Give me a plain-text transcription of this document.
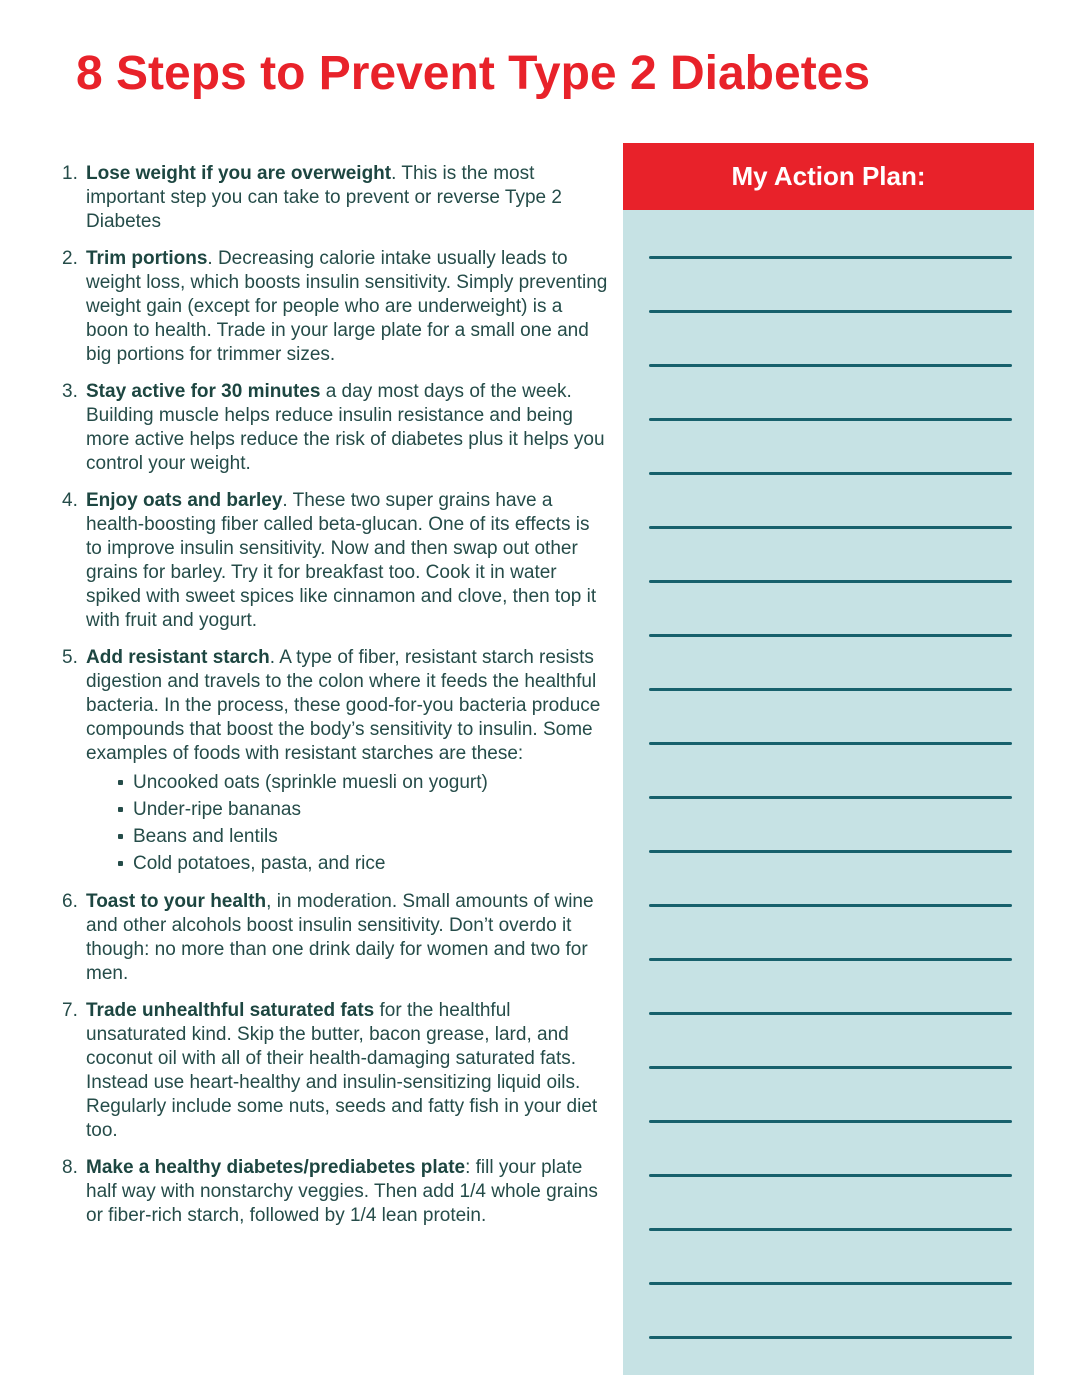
8 Steps to Prevent Type 2 Diabetes
1. Lose weight if you are overweight. This is the most important step you can take to prevent or reverse Type 2 Diabetes
2. Trim portions. Decreasing calorie intake usually leads to weight loss, which boosts insulin sensitivity. Simply preventing weight gain (except for people who are underweight) is a boon to health. Trade in your large plate for a small one and big portions for trimmer sizes.
3. Stay active for 30 minutes a day most days of the week. Building muscle helps reduce insulin resistance and being more active helps reduce the risk of diabetes plus it helps you control your weight.
4. Enjoy oats and barley. These two super grains have a health-boosting fiber called beta-glucan. One of its effects is to improve insulin sensitivity. Now and then swap out other grains for barley. Try it for breakfast too. Cook it in water spiked with sweet spices like cinnamon and clove, then top it with fruit and yogurt.
5. Add resistant starch. A type of fiber, resistant starch resists digestion and travels to the colon where it feeds the healthful bacteria. In the process, these good-for-you bacteria produce compounds that boost the body’s sensitivity to insulin. Some examples of foods with resistant starches are these:
Uncooked oats (sprinkle muesli on yogurt)
Under-ripe bananas
Beans and lentils
Cold potatoes, pasta, and rice
6. Toast to your health, in moderation. Small amounts of wine and other alcohols boost insulin sensitivity. Don’t overdo it though: no more than one drink daily for women and two for men.
7. Trade unhealthful saturated fats for the healthful unsaturated kind. Skip the butter, bacon grease, lard, and coconut oil with all of their health-damaging saturated fats. Instead use heart-healthy and insulin-sensitizing liquid oils. Regularly include some nuts, seeds and fatty fish in your diet too.
8. Make a healthy diabetes/prediabetes plate: fill your plate half way with nonstarchy veggies. Then add 1/4 whole grains or fiber-rich starch, followed by 1/4 lean protein.
My Action Plan:
